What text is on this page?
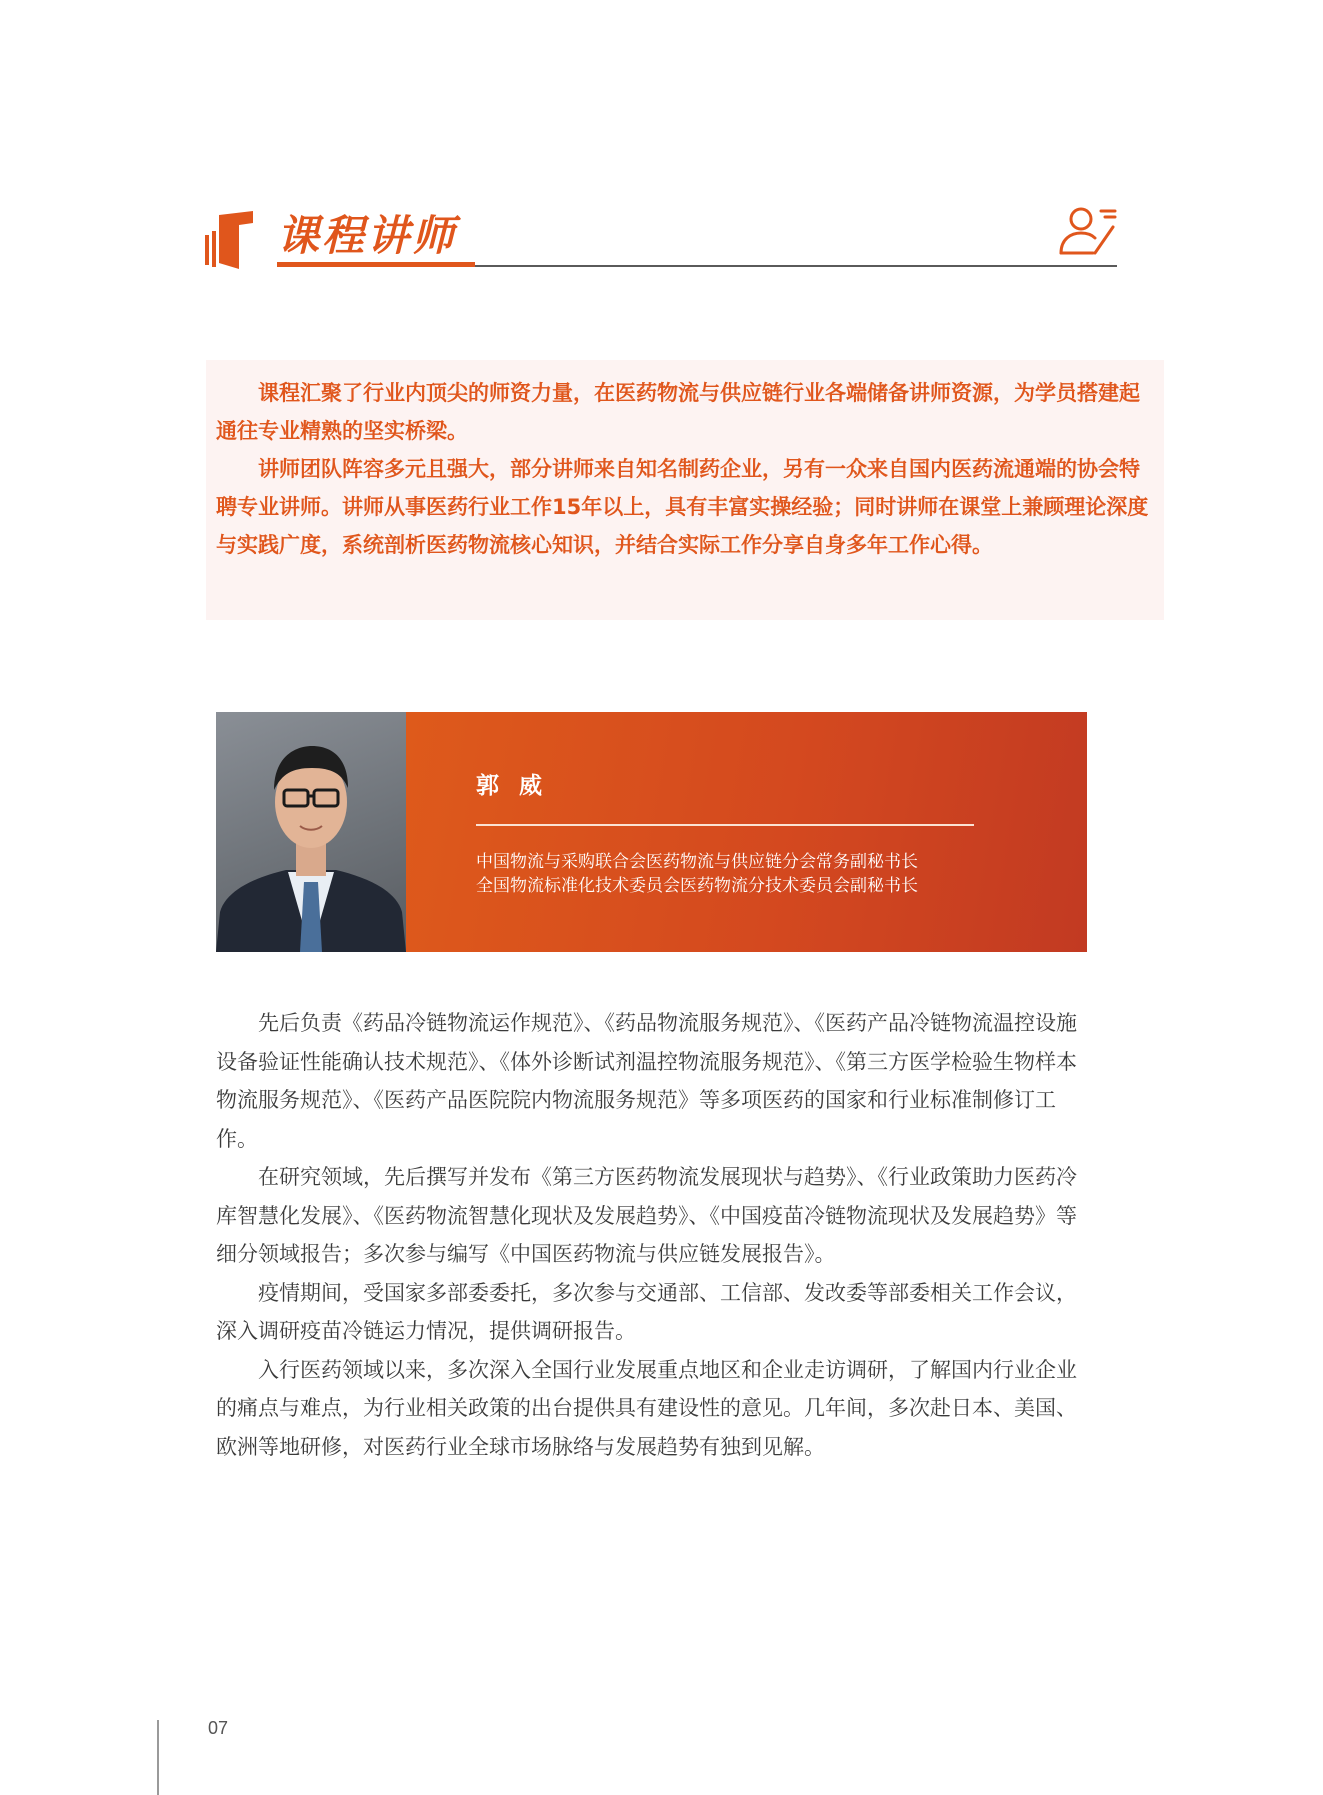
课程讲师

课程汇聚了行业内顶尖的师资力量，在医药物流与供应链行业各端储备讲师资源，为学员搭建起通往专业精熟的坚实桥梁。

讲师团队阵容多元且强大，部分讲师来自知名制药企业，另有一众来自国内医药流通端的协会特聘专业讲师。讲师从事医药行业工作15年以上，具有丰富实操经验；同时讲师在课堂上兼顾理论深度与实践广度，系统剖析医药物流核心知识，并结合实际工作分享自身多年工作心得。

郭 威
中国物流与采购联合会医药物流与供应链分会常务副秘书长
全国物流标准化技术委员会医药物流分技术委员会副秘书长

先后负责《药品冷链物流运作规范》、《药品物流服务规范》、《医药产品冷链物流温控设施设备验证性能确认技术规范》、《体外诊断试剂温控物流服务规范》、《第三方医学检验生物样本物流服务规范》、《医药产品医院院内物流服务规范》等多项医药的国家和行业标准制修订工作。

在研究领域，先后撰写并发布《第三方医药物流发展现状与趋势》、《行业政策助力医药冷库智慧化发展》、《医药物流智慧化现状及发展趋势》、《中国疫苗冷链物流现状及发展趋势》等细分领域报告；多次参与编写《中国医药物流与供应链发展报告》。

疫情期间，受国家多部委委托，多次参与交通部、工信部、发改委等部委相关工作会议，深入调研疫苗冷链运力情况，提供调研报告。

入行医药领域以来，多次深入全国行业发展重点地区和企业走访调研，了解国内行业企业的痛点与难点，为行业相关政策的出台提供具有建设性的意见。几年间，多次赴日本、美国、欧洲等地研修，对医药行业全球市场脉络与发展趋势有独到见解。

07
